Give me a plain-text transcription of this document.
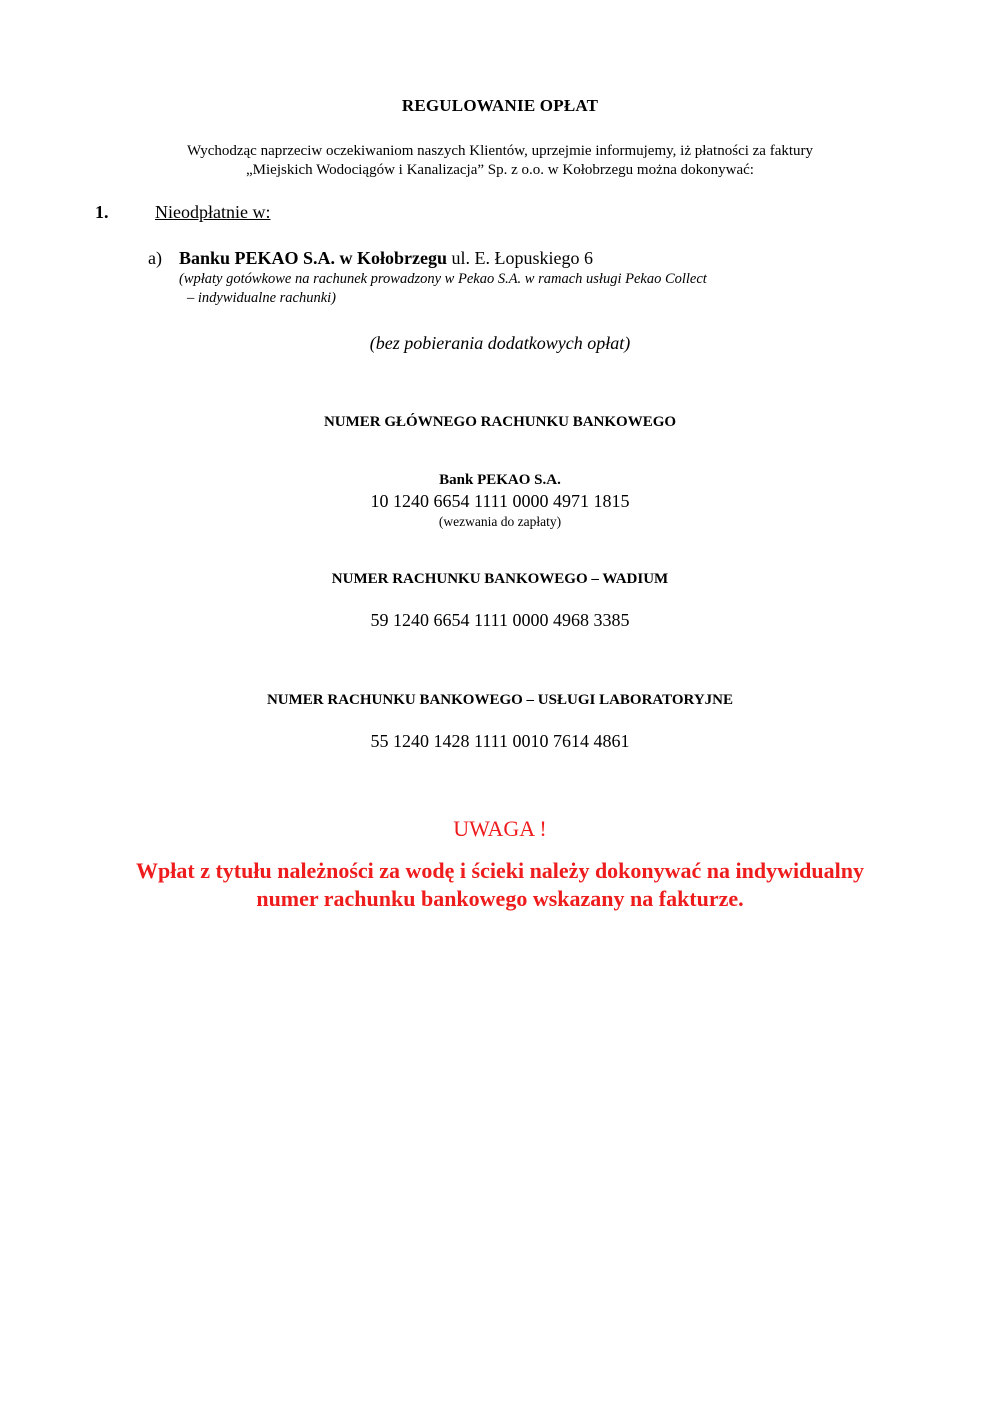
REGULOWANIE OPŁAT
Wychodząc naprzeciw oczekiwaniom naszych Klientów, uprzejmie informujemy, iż płatności za faktury
„Miejskich Wodociągów i Kanalizacja” Sp. z o.o. w Kołobrzegu można dokonywać:
1.	Nieodpłatnie w:
a) Banku PEKAO S.A. w Kołobrzegu ul. E. Łopuskiego 6
(wpłaty gotówkowe na rachunek prowadzony w Pekao S.A. w ramach usługi Pekao Collect
– indywidualne rachunki)
(bez pobierania dodatkowych opłat)
NUMER GŁÓWNEGO RACHUNKU BANKOWEGO
Bank PEKAO S.A.
10 1240 6654 1111 0000 4971 1815
(wezwania do zapłaty)
NUMER RACHUNKU BANKOWEGO – WADIUM
59 1240 6654 1111 0000 4968 3385
NUMER RACHUNKU BANKOWEGO – USŁUGI LABORATORYJNE
55 1240 1428 1111 0010 7614 4861
UWAGA !
Wpłat z tytułu należności za wodę i ścieki należy dokonywać na indywidualny
numer rachunku bankowego wskazany na fakturze.
